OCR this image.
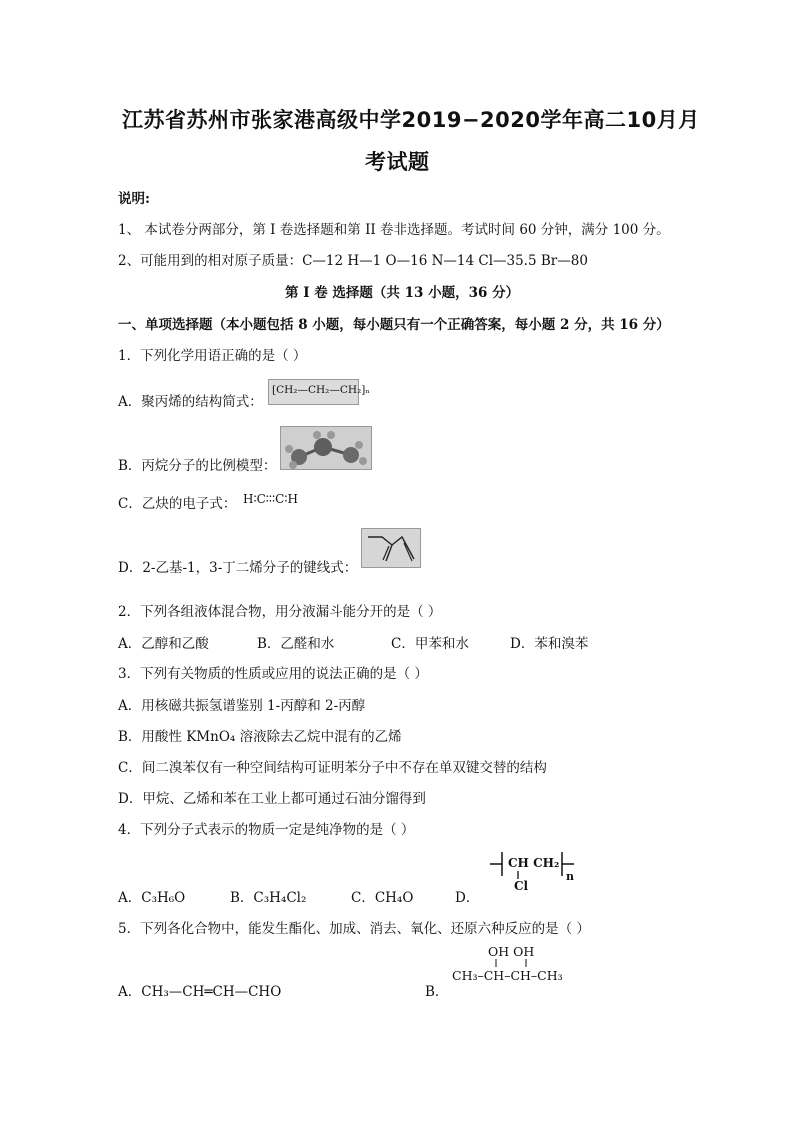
江苏省苏州市张家港高级中学2019−2020学年高二10月月
考试题
说明:
1、 本试卷分两部分，第 I 卷选择题和第 II 卷非选择题。考试时间 60 分钟，满分 100 分。
2、可能用到的相对原子质量：C—12 H—1 O—16 N—14 Cl—35.5 Br—80
第 I 卷 选择题（共 13 小题，36 分）
一、单项选择题（本小题包括 8 小题，每小题只有一个正确答案，每小题 2 分，共 16 分）
1．下列化学用语正确的是（ ）
A．聚丙烯的结构简式：
[CH₂—CH₂—CH₂]ₙ
B．丙烷分子的比例模型：
C．乙炔的电子式： H∶C∶∶∶C∶H
D．2-乙基-1，3-丁二烯分子的键线式：
2．下列各组液体混合物，用分液漏斗能分开的是（ ）
A．乙醇和乙酸	B．乙醛和水	C．甲苯和水	D．苯和溴苯
3．下列有关物质的性质或应用的说法正确的是（ ）
A．用核磁共振氢谱鉴别 1-丙醇和 2-丙醇
B．用酸性 KMnO₄ 溶液除去乙烷中混有的乙烯
C．间二溴苯仅有一种空间结构可证明苯分子中不存在单双键交替的结构
D．甲烷、乙烯和苯在工业上都可通过石油分馏得到
4．下列分子式表示的物质一定是纯净物的是（ ）
A．C₃H₆O	B．C₃H₄Cl₂	C．CH₄O	D．
CH CH₂
Cl
n
5．下列各化合物中，能发生酯化、加成、消去、氧化、还原六种反应的是（ ）
A．CH₃—CH═CH—CHO	B．
OH OH
CH₃–CH–CH–CH₃
